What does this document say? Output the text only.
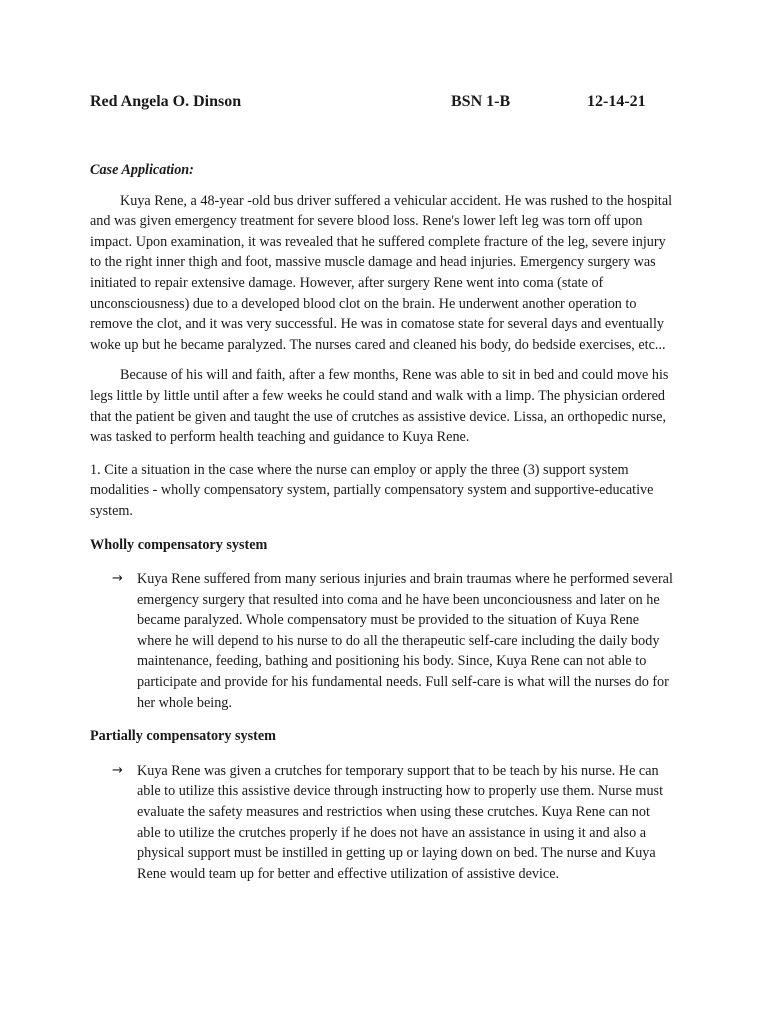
Red Angela O. Dinson	BSN 1-B	12-14-21

Case Application:

Kuya Rene, a 48-year -old bus driver suffered a vehicular accident. He was rushed to the hospital and was given emergency treatment for severe blood loss. Rene's lower left leg was torn off upon impact. Upon examination, it was revealed that he suffered complete fracture of the leg, severe injury to the right inner thigh and foot, massive muscle damage and head injuries. Emergency surgery was initiated to repair extensive damage. However, after surgery Rene went into coma (state of unconsciousness) due to a developed blood clot on the brain. He underwent another operation to remove the clot, and it was very successful. He was in comatose state for several days and eventually woke up but he became paralyzed. The nurses cared and cleaned his body, do bedside exercises, etc...

Because of his will and faith, after a few months, Rene was able to sit in bed and could move his legs little by little until after a few weeks he could stand and walk with a limp. The physician ordered that the patient be given and taught the use of crutches as assistive device. Lissa, an orthopedic nurse, was tasked to perform health teaching and guidance to Kuya Rene.

1. Cite a situation in the case where the nurse can employ or apply the three (3) support system modalities - wholly compensatory system, partially compensatory system and supportive-educative system.

Wholly compensatory system

→ Kuya Rene suffered from many serious injuries and brain traumas where he performed several emergency surgery that resulted into coma and he have been unconciousness and later on he became paralyzed. Whole compensatory must be provided to the situation of Kuya Rene where he will depend to his nurse to do all the therapeutic self-care including the daily body maintenance, feeding, bathing and positioning his body. Since, Kuya Rene can not able to participate and provide for his fundamental needs. Full self-care is what will the nurses do for her whole being.

Partially compensatory system

→ Kuya Rene was given a crutches for temporary support that to be teach by his nurse. He can able to utilize this assistive device through instructing how to properly use them. Nurse must evaluate the safety measures and restrictios when using these crutches. Kuya Rene can not able to utilize the crutches properly if he does not have an assistance in using it and also a physical support must be instilled in getting up or laying down on bed. The nurse and Kuya Rene would team up for better and effective utilization of assistive device.
